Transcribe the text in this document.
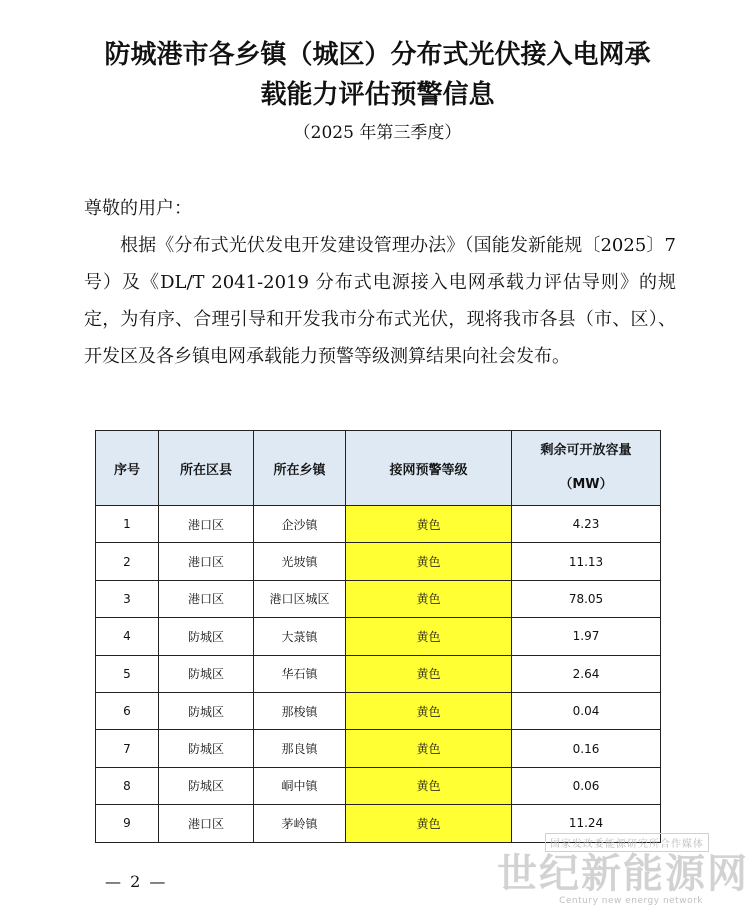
防城港市各乡镇（城区）分布式光伏接入电网承
载能力评估预警信息
（2025 年第三季度）
尊敬的用户：
根据《分布式光伏发电开发建设管理办法》（国能发新能规〔2025〕7号）及《DL/T 2041-2019 分布式电源接入电网承载力评估导则》的规定，为有序、合理引导和开发我市分布式光伏，现将我市各县（市、区）、开发区及各乡镇电网承载能力预警等级测算结果向社会发布。
序号	所在区县	所在乡镇	接网预警等级	剩余可开放容量
（MW）

1	港口区	企沙镇	黄色	4.23
2	港口区	光坡镇	黄色	11.13
3	港口区	港口区城区	黄色	78.05
4	防城区	大菉镇	黄色	1.97
5	防城区	华石镇	黄色	2.64
6	防城区	那梭镇	黄色	0.04
7	防城区	那良镇	黄色	0.16
8	防城区	峒中镇	黄色	0.06
9	港口区	茅岭镇	黄色	11.24
— 2 —
国家发改委能源研究所合作媒体
世纪新能源网
Century new energy network
